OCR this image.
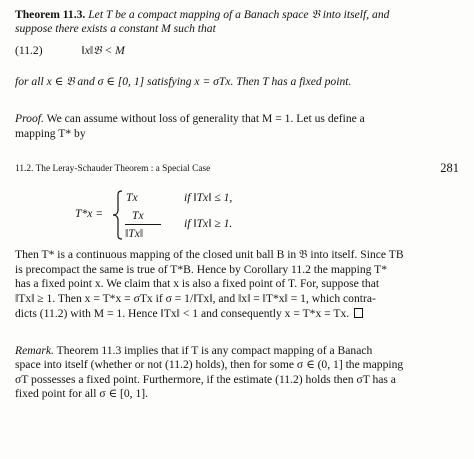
Theorem 11.3. Let T be a compact mapping of a Banach space 𝔅 into itself, and
suppose there exists a constant M such that
(11.2)	‖x‖𝔅 < M
for all x ∈ 𝔅 and σ ∈ [0, 1] satisfying x = σTx. Then T has a fixed point.
Proof. We can assume without loss of generality that M = 1. Let us define a
mapping T* by
11.2. The Leray-Schauder Theorem : a Special Case	281
T*x =
Tx	if ‖Tx‖ ≤ 1,
Tx
‖Tx‖
if ‖Tx‖ ≥ 1.
Then T* is a continuous mapping of the closed unit ball B in 𝔅 into itself. Since TB
is precompact the same is true of T*B. Hence by Corollary 11.2 the mapping T*
has a fixed point x. We claim that x is also a fixed point of T. For, suppose that
‖Tx‖ ≥ 1. Then x = T*x = σTx if σ = 1/‖Tx‖, and ‖x‖ = ‖T*x‖ = 1, which contra-
dicts (11.2) with M = 1. Hence ‖Tx‖ < 1 and consequently x = T*x = Tx.
Remark. Theorem 11.3 implies that if T is any compact mapping of a Banach
space into itself (whether or not (11.2) holds), then for some σ ∈ (0, 1] the mapping
σT possesses a fixed point. Furthermore, if the estimate (11.2) holds then σT has a
fixed point for all σ ∈ [0, 1].
